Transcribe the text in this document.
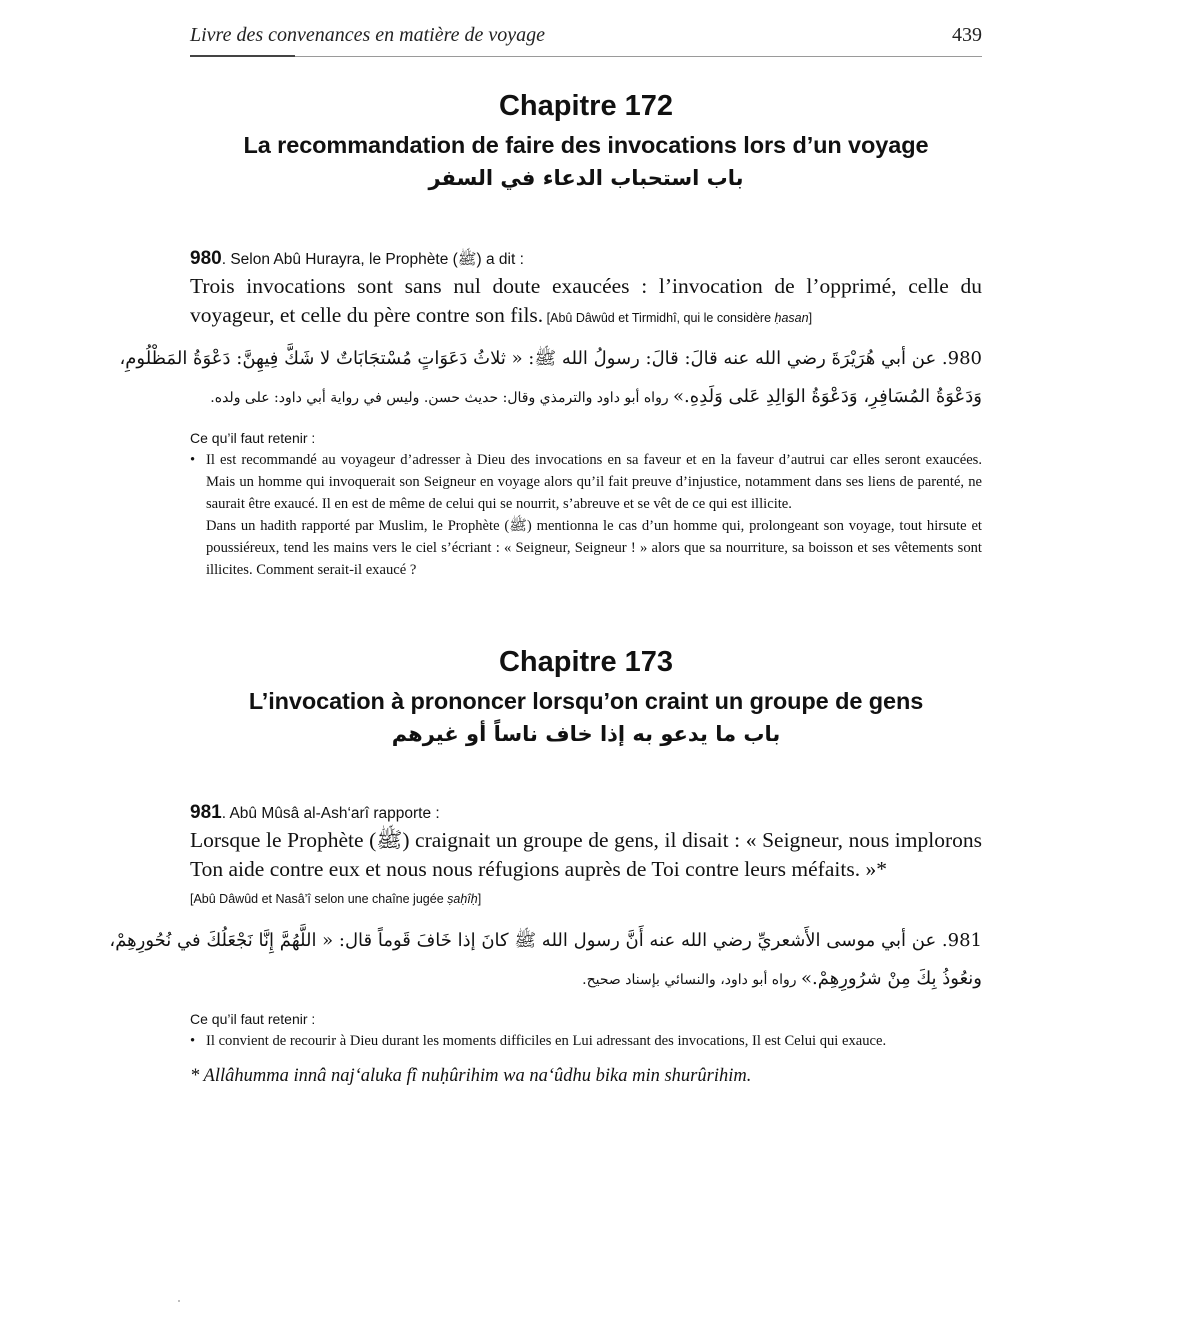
Livre des convenances en matière de voyage	439
Chapitre 172
La recommandation de faire des invocations lors d’un voyage
باب استحباب الدعاء في السفر
980. Selon Abû Hurayra, le Prophète (ﷺ) a dit :
Trois invocations sont sans nul doute exaucées : l’invocation de l’opprimé, celle du voyageur, et celle du père contre son fils. [Abû Dâwûd et Tirmidhî, qui le considère ḥasan]
980. عن أبي هُرَيْرَةَ رضي الله عنه قالَ: قالَ: رسولُ الله ﷺ: « ثلاثُ دَعَوَاتٍ مُسْتجَابَاتٌ لا شَكَّ فِيهِنَّ: دَعْوَةُ المَظْلُومِ،
وَدَعْوَةُ المُسَافِرِ، وَدَعْوَةُ الوَالِدِ عَلى وَلَدِهِ.» رواه أبو داود والترمذي وقال: حديث حسن. وليس في رواية أبي داود: على ولده.
Ce qu’il faut retenir :
• Il est recommandé au voyageur d’adresser à Dieu des invocations en sa faveur et en la faveur d’autrui car elles seront exaucées. Mais un homme qui invoquerait son Seigneur en voyage alors qu’il fait preuve d’injustice, notamment dans ses liens de parenté, ne saurait être exaucé. Il en est de même de celui qui se nourrit, s’abreuve et se vêt de ce qui est illicite.
Dans un hadith rapporté par Muslim, le Prophète (ﷺ) mentionna le cas d’un homme qui, prolongeant son voyage, tout hirsute et poussiéreux, tend les mains vers le ciel s’écriant : « Seigneur, Seigneur ! » alors que sa nourriture, sa boisson et ses vêtements sont illicites. Comment serait-il exaucé ?
Chapitre 173
L’invocation à prononcer lorsqu’on craint un groupe de gens
باب ما يدعو به إذا خاف ناساً أو غيرهم
981. Abû Mûsâ al-Ash‘arî rapporte :
Lorsque le Prophète (ﷺ) craignait un groupe de gens, il disait : « Seigneur, nous implorons Ton aide contre eux et nous nous réfugions auprès de Toi contre leurs méfaits. »*
[Abû Dâwûd et Nasâ’î selon une chaîne jugée ṣaḥîḥ]
981. عن أبي موسى الأَشعريِّ رضي الله عنه أَنَّ رسول الله ﷺ كانَ إذا خَافَ قَوماً قال: « اللَّهُمَّ إِنَّا نَجْعَلُكَ في نُحُورِهِمْ،
ونعُوذُ بِكَ مِنْ شرُورِهِمْ.» رواه أبو داود، والنسائي بإسناد صحيح.
Ce qu’il faut retenir :
• Il convient de recourir à Dieu durant les moments difficiles en Lui adressant des invocations, Il est Celui qui exauce.
* Allâhumma innâ naj‘aluka fî nuḥûrihim wa na‘ûdhu bika min shurûrihim.
